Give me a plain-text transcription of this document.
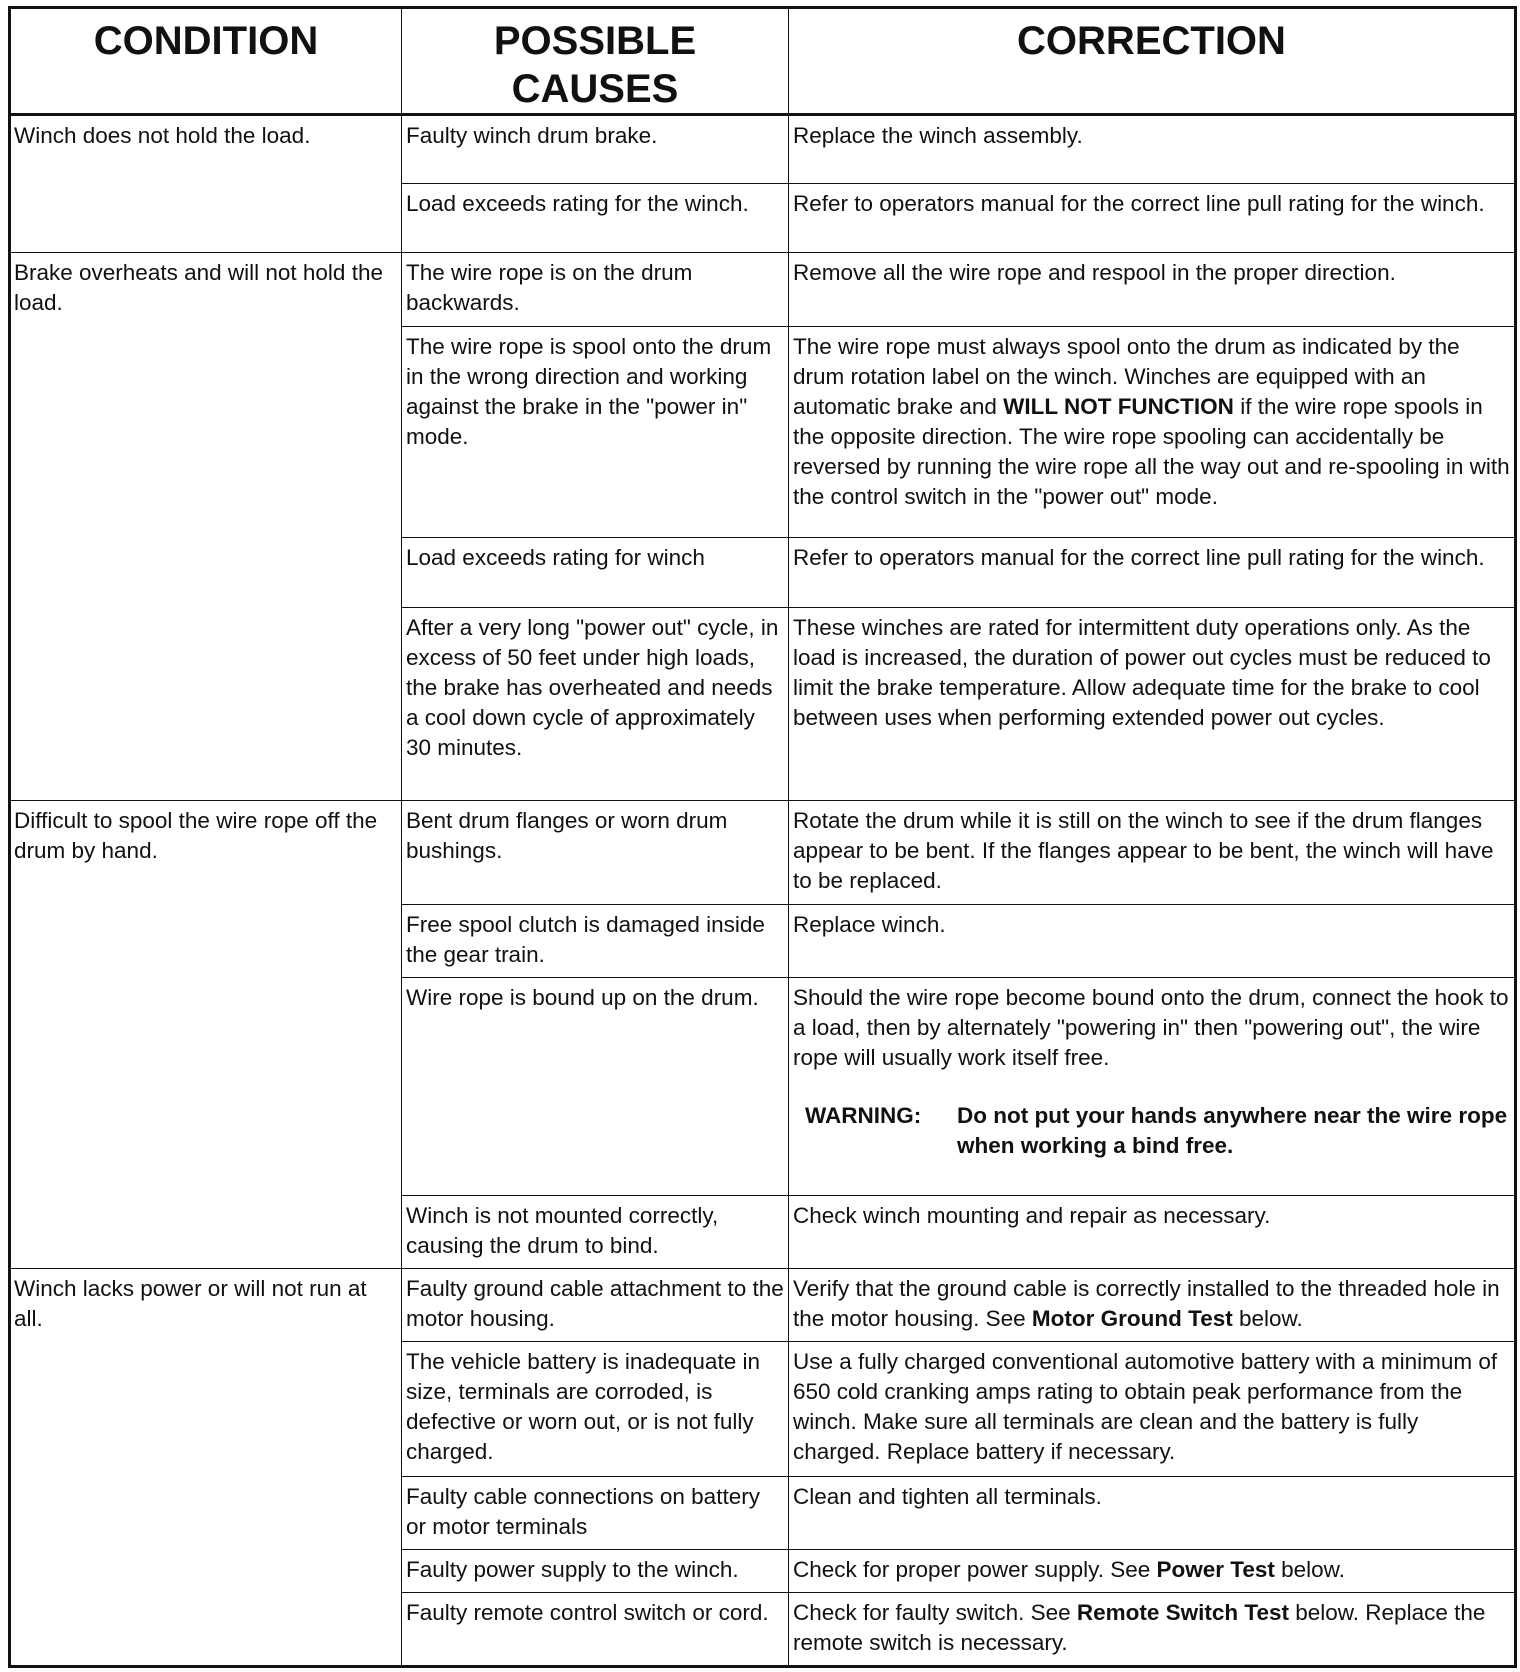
CONDITION	POSSIBLE CAUSES	CORRECTION
Winch does not hold the load.	Faulty winch drum brake.	Replace the winch assembly.
	Load exceeds rating for the winch.	Refer to operators manual for the correct line pull rating for the winch.
Brake overheats and will not hold the load.	The wire rope is on the drum backwards.	Remove all the wire rope and respool in the proper direction.
	The wire rope is spool onto the drum in the wrong direction and working against the brake in the "power in" mode.	The wire rope must always spool onto the drum as indicated by the drum rotation label on the winch. Winches are equipped with an automatic brake and WILL NOT FUNCTION if the wire rope spools in the opposite direction. The wire rope spooling can accidentally be reversed by running the wire rope all the way out and re-spooling in with the control switch in the "power out" mode.
	Load exceeds rating for winch	Refer to operators manual for the correct line pull rating for the winch.
	After a very long "power out" cycle, in excess of 50 feet under high loads, the brake has overheated and needs a cool down cycle of approximately 30 minutes.	These winches are rated for intermittent duty operations only. As the load is increased, the duration of power out cycles must be reduced to limit the brake temperature. Allow adequate time for the brake to cool between uses when performing extended power out cycles.
Difficult to spool the wire rope off the drum by hand.	Bent drum flanges or worn drum bushings.	Rotate the drum while it is still on the winch to see if the drum flanges appear to be bent. If the flanges appear to be bent, the winch will have to be replaced.
	Free spool clutch is damaged inside the gear train.	Replace winch.
	Wire rope is bound up on the drum.	Should the wire rope become bound onto the drum, connect the hook to a load, then by alternately "powering in" then "powering out", the wire rope will usually work itself free.
WARNING: Do not put your hands anywhere near the wire rope when working a bind free.

	Winch is not mounted correctly, causing the drum to bind.	Check winch mounting and repair as necessary.
Winch lacks power or will not run at all.	Faulty ground cable attachment to the motor housing.	Verify that the ground cable is correctly installed to the threaded hole in the motor housing. See Motor Ground Test below.
	The vehicle battery is inadequate in size, terminals are corroded, is defective or worn out, or is not fully charged.	Use a fully charged conventional automotive battery with a minimum of 650 cold cranking amps rating to obtain peak performance from the winch. Make sure all terminals are clean and the battery is fully charged. Replace battery if necessary.
	Faulty cable connections on battery or motor terminals	Clean and tighten all terminals.
	Faulty power supply to the winch.	Check for proper power supply. See Power Test below.
	Faulty remote control switch or cord.	Check for faulty switch. See Remote Switch Test below. Replace the remote switch is necessary.
